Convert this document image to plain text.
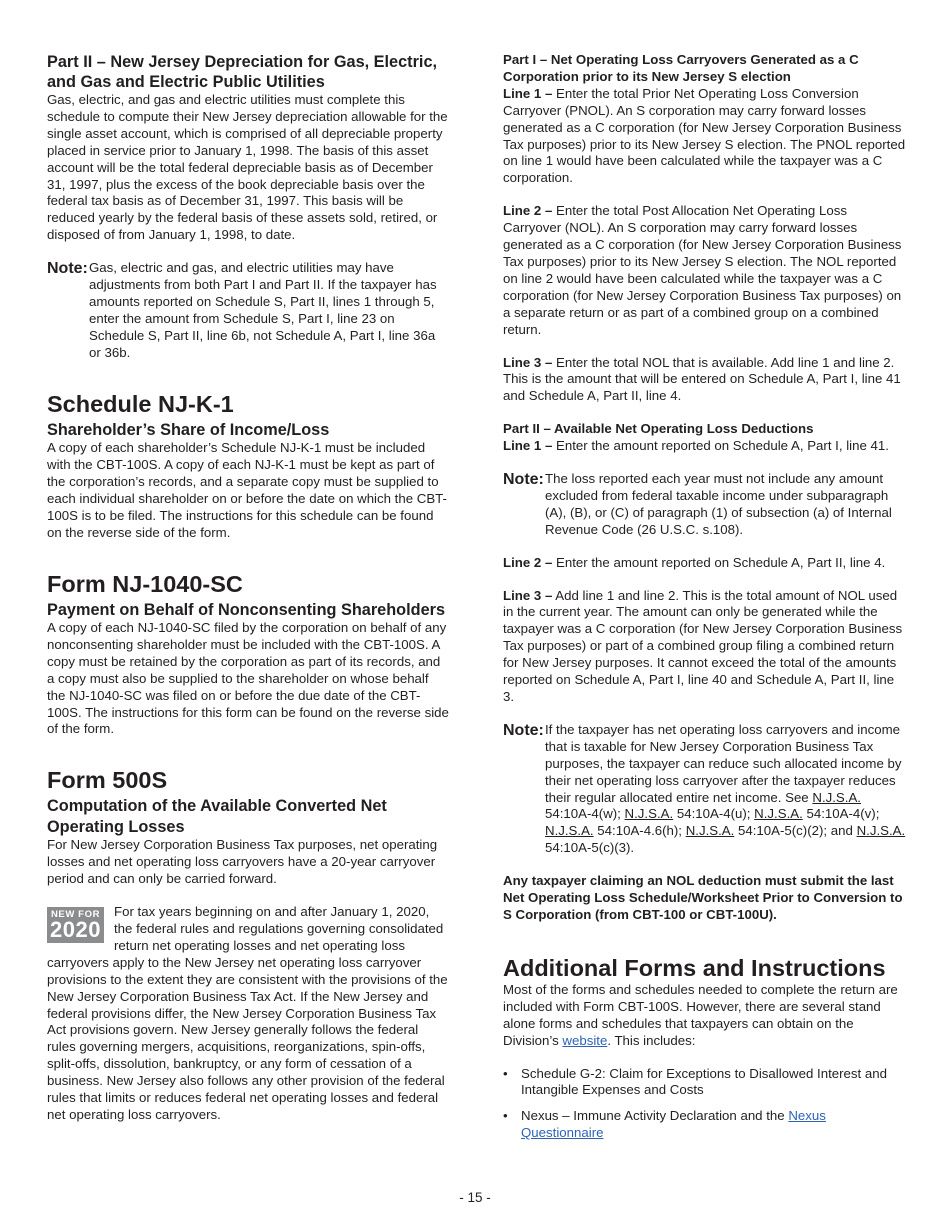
Part II – New Jersey Depreciation for Gas, Electric, and Gas and Electric Public Utilities

Gas, electric, and gas and electric utilities must complete this schedule to compute their New Jersey depreciation allowable for the single asset account, which is comprised of all depreciable property placed in service prior to January 1, 1998. The basis of this asset account will be the total federal depreciable basis as of December 31, 1997, plus the excess of the book depreciable basis over the federal tax basis as of December 31, 1997. This basis will be reduced yearly by the federal basis of these assets sold, retired, or disposed of from January 1, 1998, to date.

Note: Gas, electric and gas, and electric utilities may have adjustments from both Part I and Part II. If the taxpayer has amounts reported on Schedule S, Part II, lines 1 through 5, enter the amount from Schedule S, Part I, line 23 on Schedule S, Part II, line 6b, not Schedule A, Part I, line 36a or 36b.

Schedule NJ-K-1

Shareholder’s Share of Income/Loss

A copy of each shareholder’s Schedule NJ-K-1 must be included with the CBT-100S. A copy of each NJ-K-1 must be kept as part of the corporation’s records, and a separate copy must be supplied to each individual shareholder on or before the date on which the CBT-100S is to be filed. The instructions for this schedule can be found on the reverse side of the form.

Form NJ-1040-SC

Payment on Behalf of Nonconsenting Shareholders

A copy of each NJ-1040-SC filed by the corporation on behalf of any nonconsenting shareholder must be included with the CBT-100S. A copy must be retained by the corporation as part of its records, and a copy must also be supplied to the shareholder on whose behalf the NJ-1040-SC was filed on or before the due date of the CBT-100S. The instructions for this form can be found on the reverse side of the form.

Form 500S

Computation of the Available Converted Net Operating Losses

For New Jersey Corporation Business Tax purposes, net operating losses and net operating loss carryovers have a 20-year carryover period and can only be carried forward.

NEW FOR
2020

For tax years beginning on and after January 1, 2020, the federal rules and regulations governing consolidated return net operating losses and net operating loss carryovers apply to the New Jersey net operating loss carryover provisions to the extent they are consistent with the provisions of the New Jersey Corporation Business Tax Act. If the New Jersey and federal provisions differ, the New Jersey Corporation Business Tax Act provisions govern. New Jersey generally follows the federal rules governing mergers, acquisitions, reorganizations, spin-offs, split-offs, dissolution, bankruptcy, or any form of cessation of a business. New Jersey also follows any other provision of the federal rules that limits or reduces federal net operating losses and federal net operating loss carryovers.

Part I – Net Operating Loss Carryovers Generated as a C Corporation prior to its New Jersey S election

Line 1 – Enter the total Prior Net Operating Loss Conversion Carryover (PNOL). An S corporation may carry forward losses generated as a C corporation (for New Jersey Corporation Business Tax purposes) prior to its New Jersey S election. The PNOL reported on line 1 would have been calculated while the taxpayer was a C corporation.

Line 2 – Enter the total Post Allocation Net Operating Loss Carryover (NOL). An S corporation may carry forward losses generated as a C corporation (for New Jersey Corporation Business Tax purposes) prior to its New Jersey S election. The NOL reported on line 2 would have been calculated while the taxpayer was a C corporation (for New Jersey Corporation Business Tax purposes) on a separate return or as part of a combined group on a combined return.

Line 3 – Enter the total NOL that is available. Add line 1 and line 2. This is the amount that will be entered on Schedule A, Part I, line 41 and Schedule A, Part II, line 4.

Part II – Available Net Operating Loss Deductions

Line 1 – Enter the amount reported on Schedule A, Part I, line 41.

Note: The loss reported each year must not include any amount excluded from federal taxable income under subparagraph (A), (B), or (C) of paragraph (1) of subsection (a) of Internal Revenue Code (26 U.S.C. s.108).

Line 2 – Enter the amount reported on Schedule A, Part II, line 4.

Line 3 – Add line 1 and line 2. This is the total amount of NOL used in the current year. The amount can only be generated while the taxpayer was a C corporation (for New Jersey Corporation Business Tax purposes) or part of a combined group filing a combined return for New Jersey purposes. It cannot exceed the total of the amounts reported on Schedule A, Part I, line 40 and Schedule A, Part II, line 3.

Note: If the taxpayer has net operating loss carryovers and income that is taxable for New Jersey Corporation Business Tax purposes, the taxpayer can reduce such allocated income by their net operating loss carryover after the taxpayer reduces their regular allocated entire net income. See N.J.S.A. 54:10A-4(w); N.J.S.A. 54:10A-4(u); N.J.S.A. 54:10A-4(v); N.J.S.A. 54:10A-4.6(h); N.J.S.A. 54:10A-5(c)(2); and N.J.S.A. 54:10A-5(c)(3).

Any taxpayer claiming an NOL deduction must submit the last Net Operating Loss Schedule/Worksheet Prior to Conversion to S Corporation (from CBT-100 or CBT-100U).

Additional Forms and Instructions

Most of the forms and schedules needed to complete the return are included with Form CBT-100S. However, there are several stand alone forms and schedules that taxpayers can obtain on the Division’s website. This includes:

• Schedule G-2: Claim for Exceptions to Disallowed Interest and Intangible Expenses and Costs
• Nexus – Immune Activity Declaration and the Nexus Questionnaire
- 15 -
